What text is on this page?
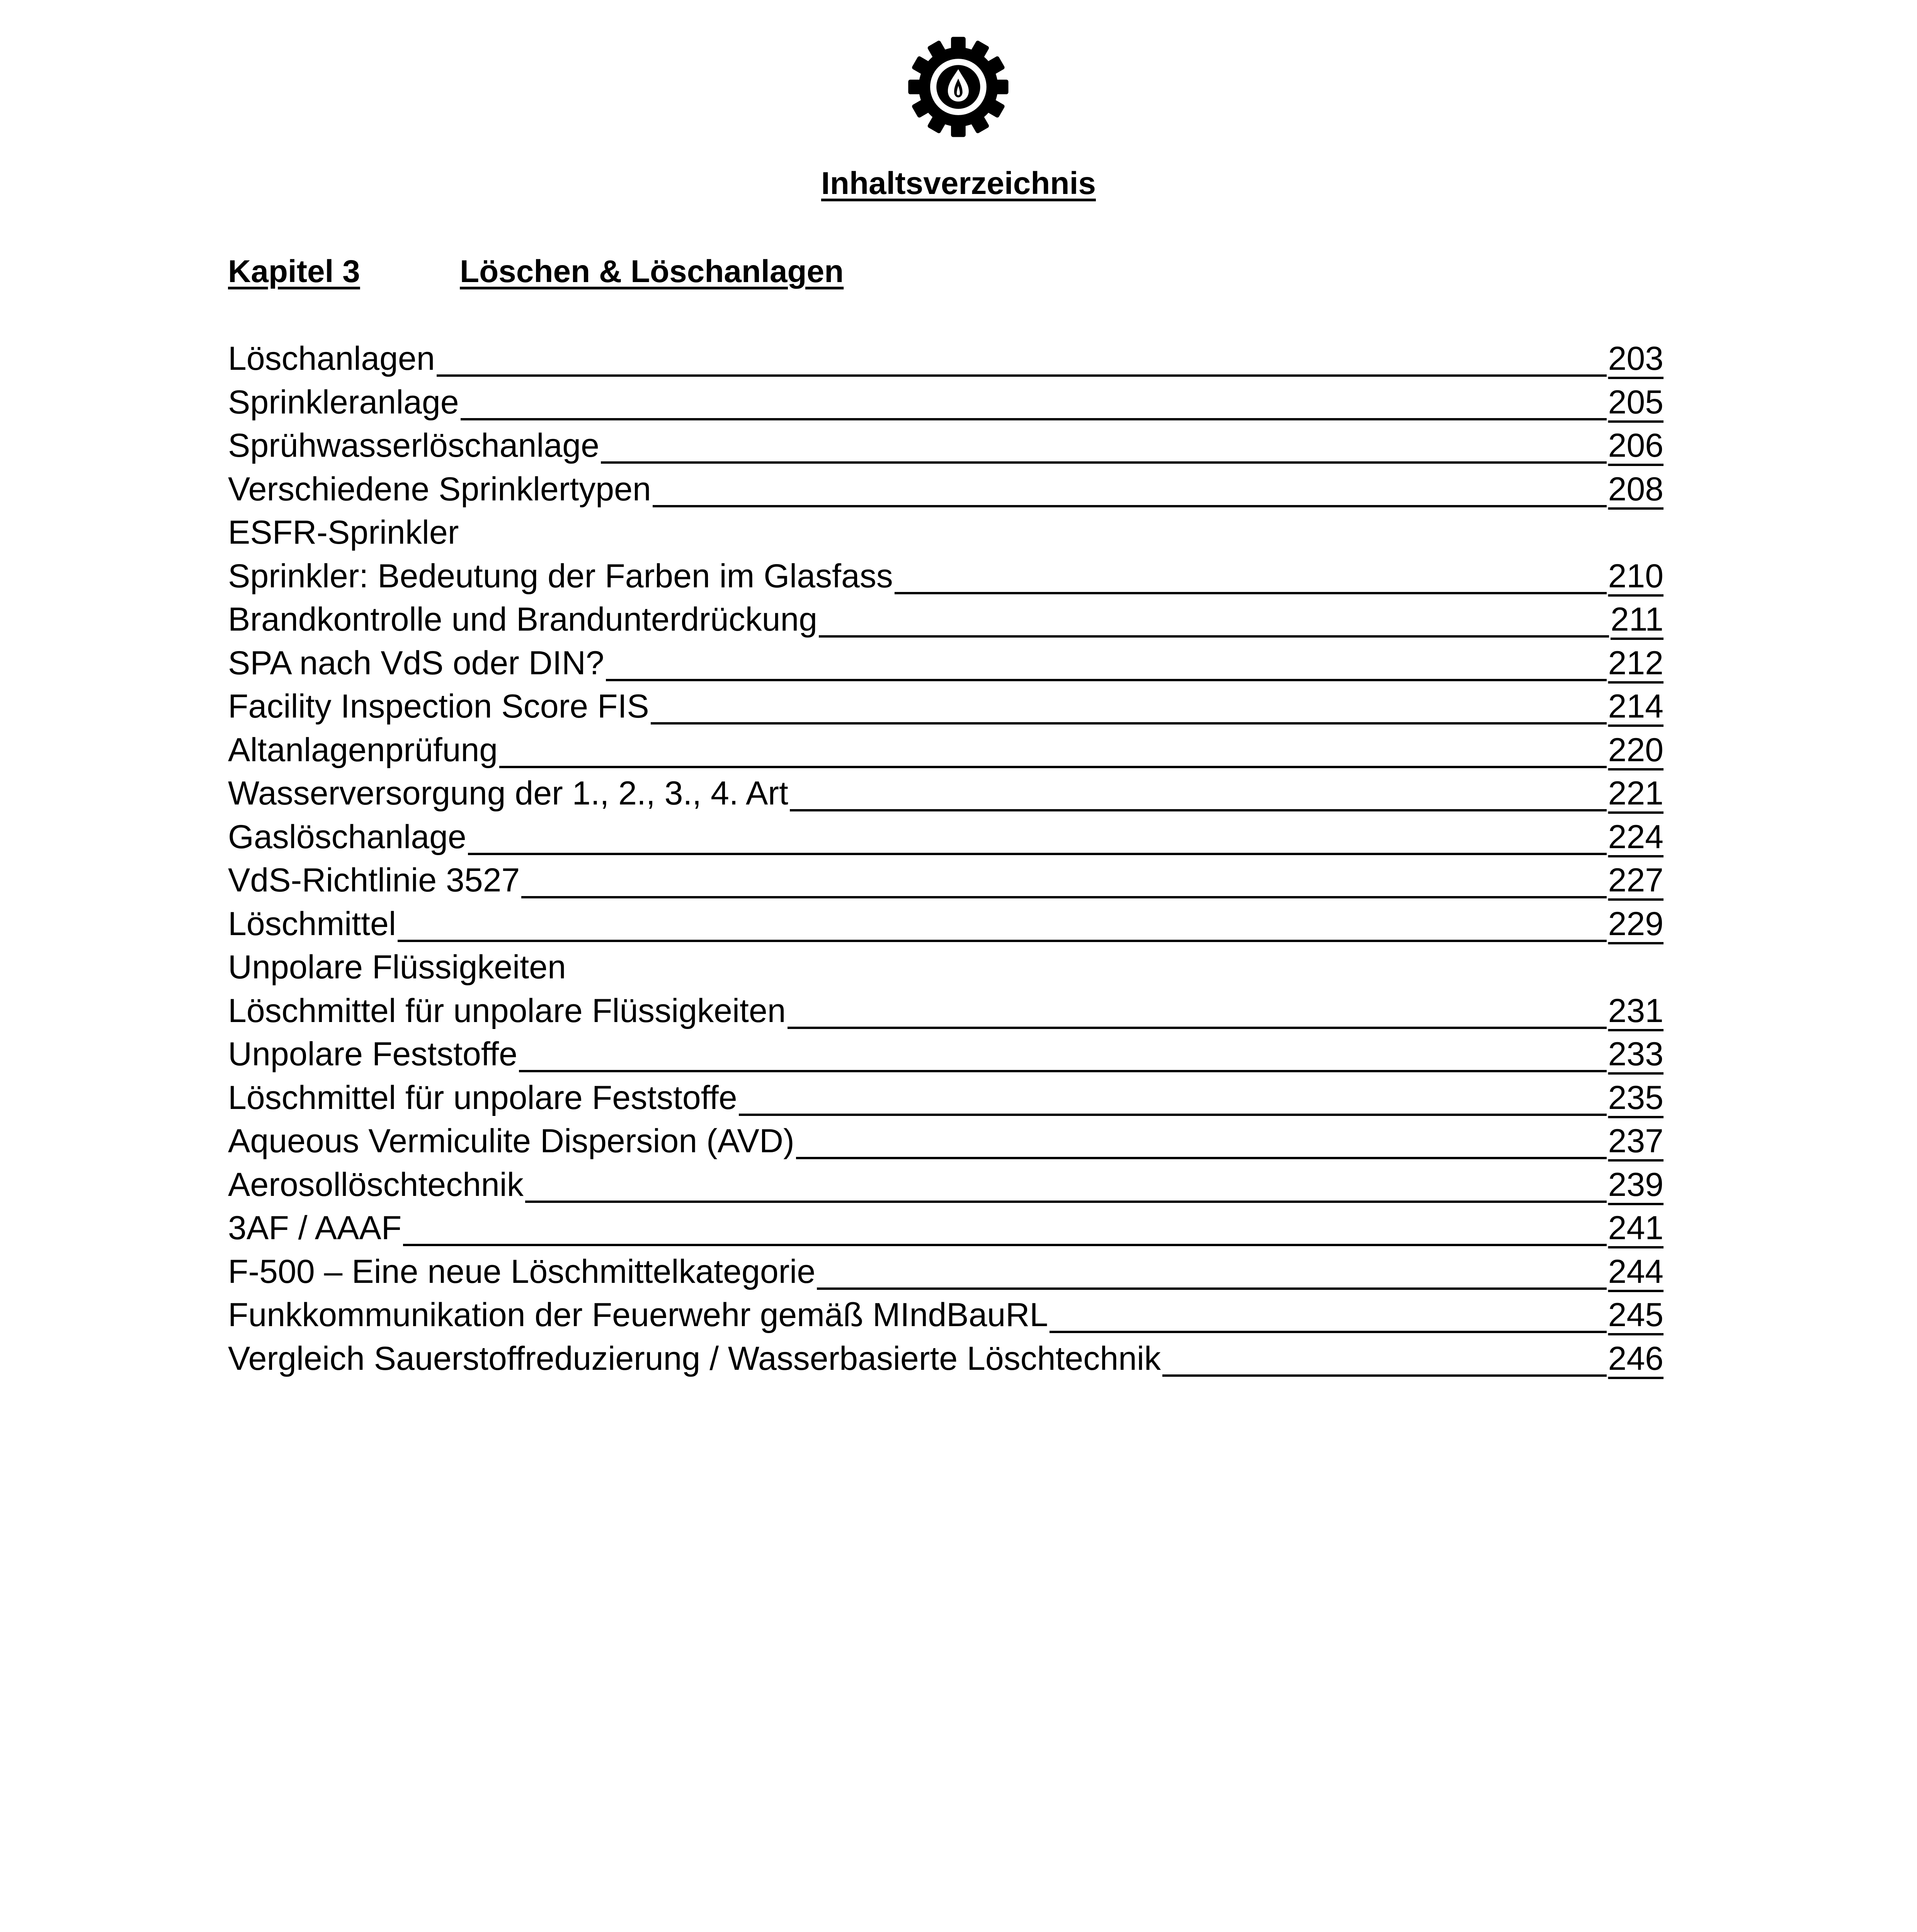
Inhaltsverzeichnis
Kapitel 3	Löschen & Löschanlagen
Löschanlagen	203
Sprinkleranlage	205
Sprühwasserlöschanlage	206
Verschiedene Sprinklertypen	208
ESFR-Sprinkler
Sprinkler: Bedeutung der Farben im Glasfass	210
Brandkontrolle und Brandunterdrückung	211
SPA nach VdS oder DIN?	212
Facility Inspection Score FIS	214
Altanlagenprüfung	220
Wasserversorgung der 1., 2., 3., 4. Art	221
Gaslöschanlage	224
VdS-Richtlinie 3527	227
Löschmittel	229
Unpolare Flüssigkeiten
Löschmittel für unpolare Flüssigkeiten	231
Unpolare Feststoffe	233
Löschmittel für unpolare Feststoffe	235
Aqueous Vermiculite Dispersion (AVD)	237
Aerosollöschtechnik	239
3AF / AAAF	241
F-500 – Eine neue Löschmittelkategorie	244
Funkkommunikation der Feuerwehr gemäß MIndBauRL	245
Vergleich Sauerstoffreduzierung / Wasserbasierte Löschtechnik	246
